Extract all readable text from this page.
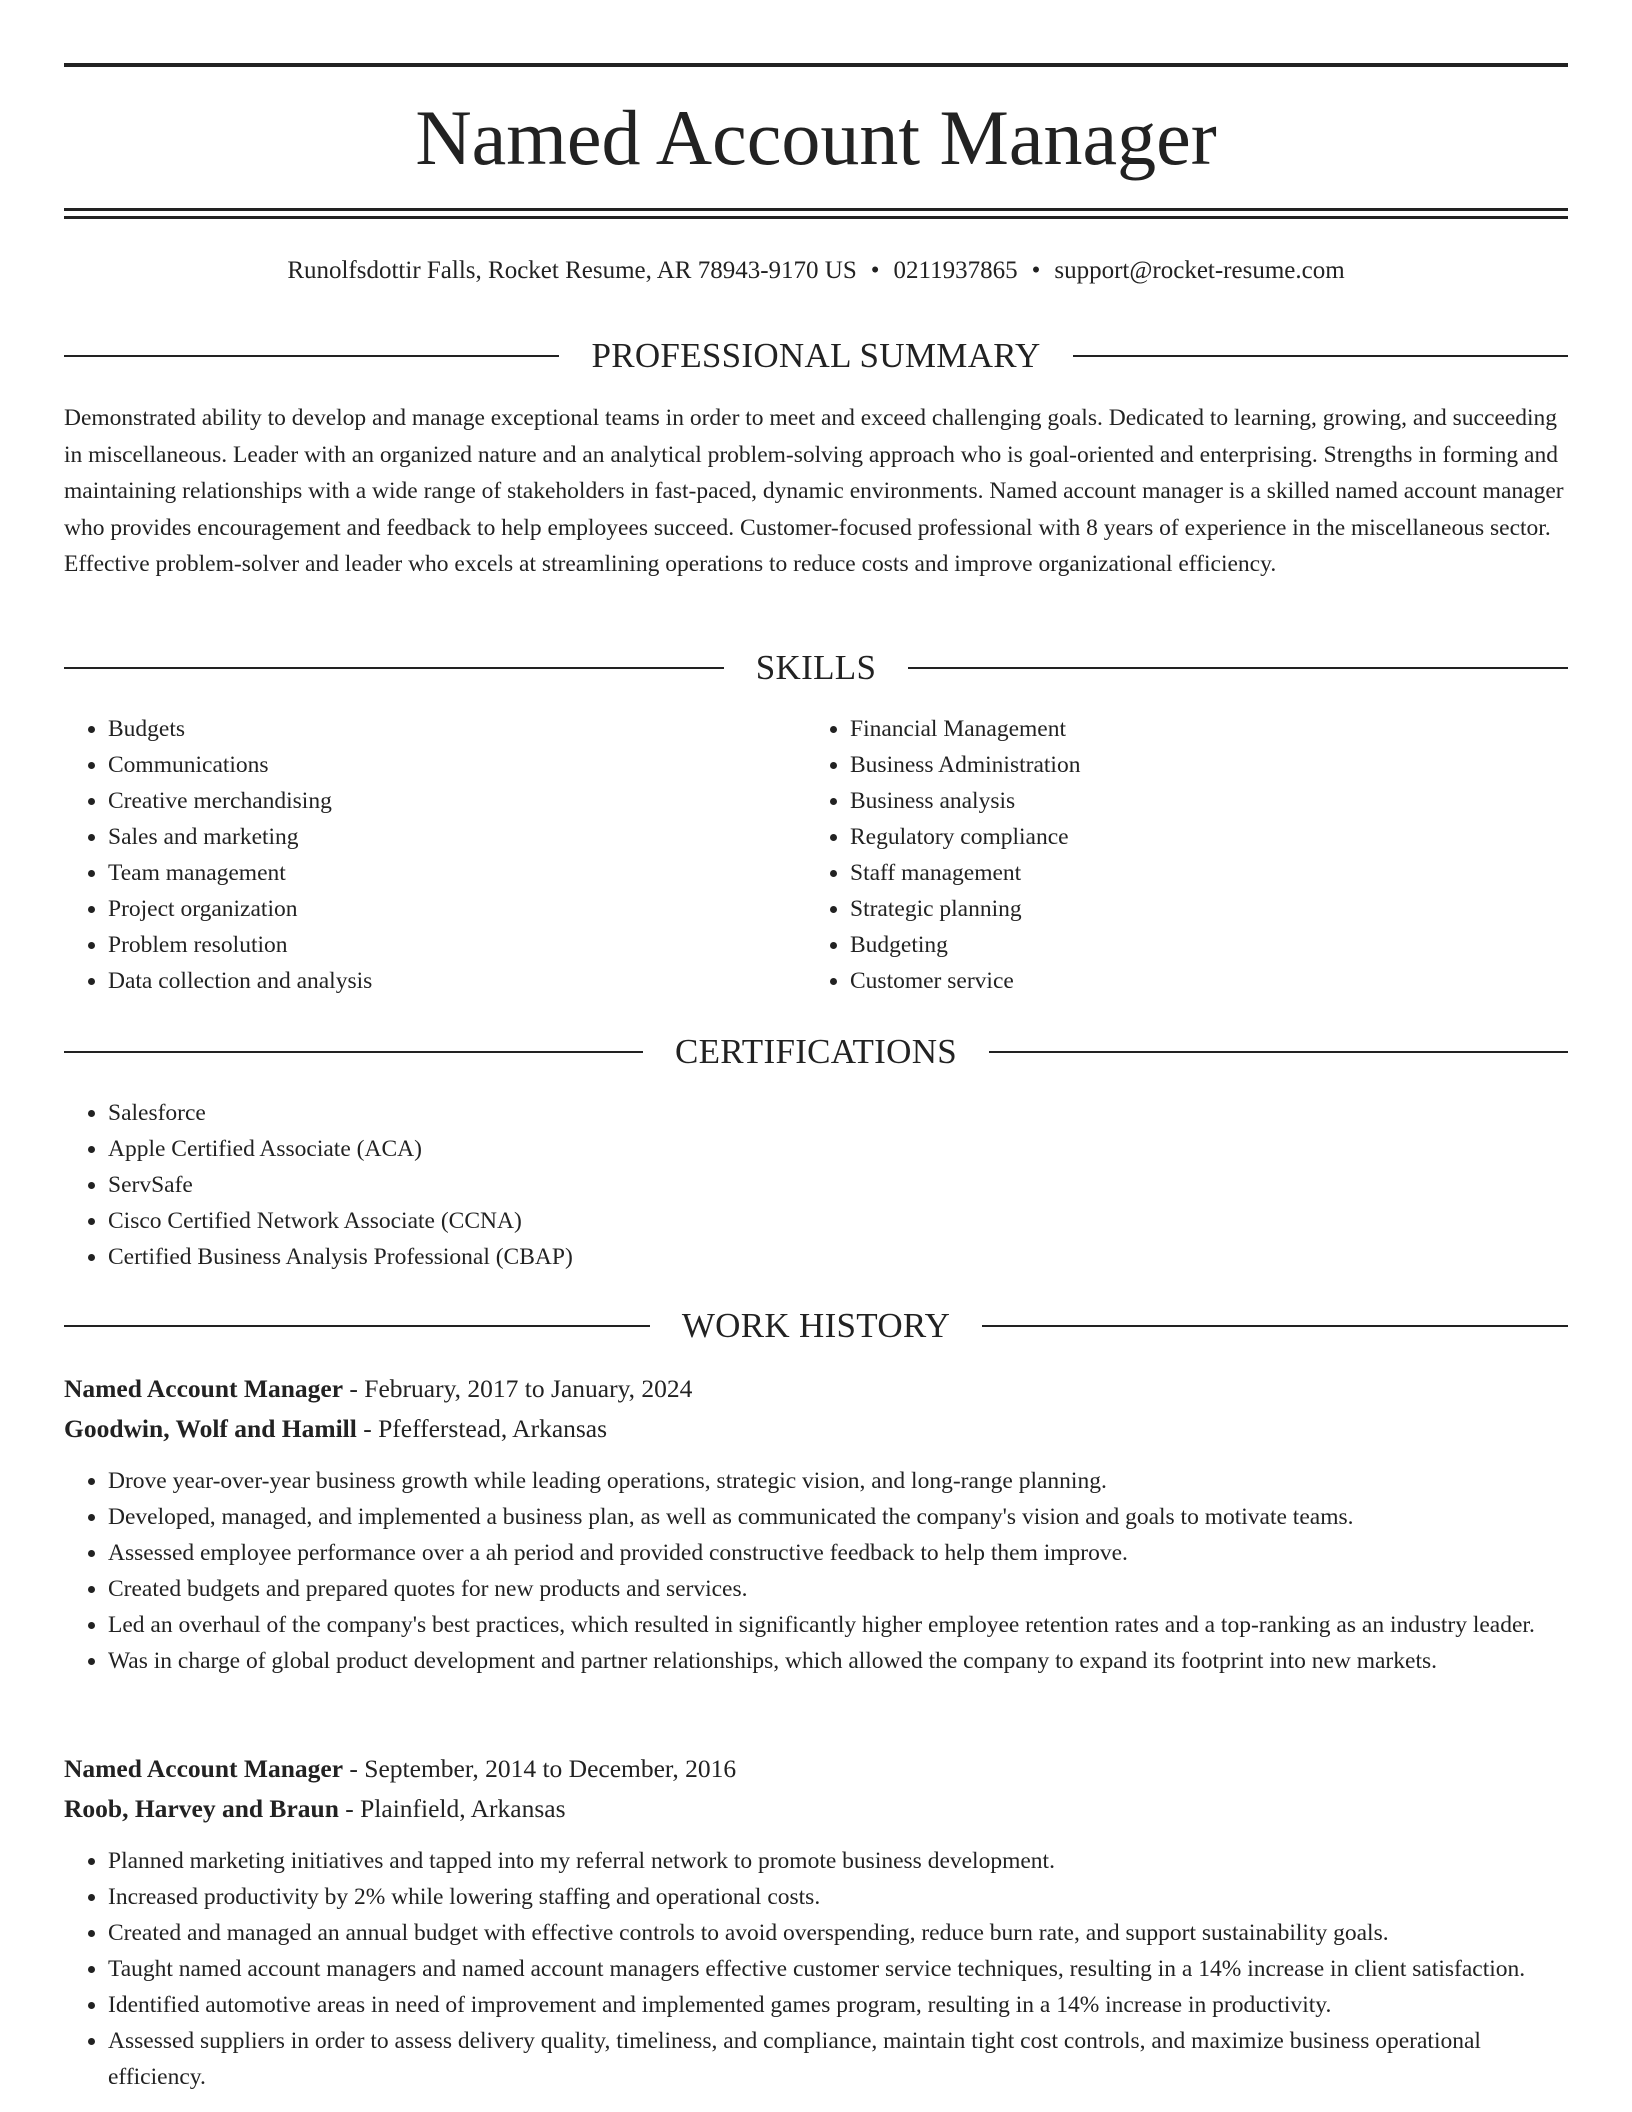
Named Account Manager
Runolfsdottir Falls, Rocket Resume, AR 78943-9170 US • 0211937865 • support@rocket-resume.com
PROFESSIONAL SUMMARY

Demonstrated ability to develop and manage exceptional teams in order to meet and exceed challenging goals. Dedicated to learning, growing, and succeeding in miscellaneous. Leader with an organized nature and an analytical problem-solving approach who is goal-oriented and enterprising. Strengths in forming and maintaining relationships with a wide range of stakeholders in fast-paced, dynamic environments. Named account manager is a skilled named account manager who provides encouragement and feedback to help employees succeed. Customer-focused professional with 8 years of experience in the miscellaneous sector. Effective problem-solver and leader who excels at streamlining operations to reduce costs and improve organizational efficiency.

SKILLS
• Budgets
• Communications
• Creative merchandising
• Sales and marketing
• Team management
• Project organization
• Problem resolution
• Data collection and analysis
• Financial Management
• Business Administration
• Business analysis
• Regulatory compliance
• Staff management
• Strategic planning
• Budgeting
• Customer service
CERTIFICATIONS
• Salesforce
• Apple Certified Associate (ACA)
• ServSafe
• Cisco Certified Network Associate (CCNA)
• Certified Business Analysis Professional (CBAP)
WORK HISTORY
Named Account Manager - February, 2017 to January, 2024
Goodwin, Wolf and Hamill - Pfefferstead, Arkansas
• Drove year-over-year business growth while leading operations, strategic vision, and long-range planning.
• Developed, managed, and implemented a business plan, as well as communicated the company's vision and goals to motivate teams.
• Assessed employee performance over a ah period and provided constructive feedback to help them improve.
• Created budgets and prepared quotes for new products and services.
• Led an overhaul of the company's best practices, which resulted in significantly higher employee retention rates and a top-ranking as an industry leader.
• Was in charge of global product development and partner relationships, which allowed the company to expand its footprint into new markets.
Named Account Manager - September, 2014 to December, 2016
Roob, Harvey and Braun - Plainfield, Arkansas
• Planned marketing initiatives and tapped into my referral network to promote business development.
• Increased productivity by 2% while lowering staffing and operational costs.
• Created and managed an annual budget with effective controls to avoid overspending, reduce burn rate, and support sustainability goals.
• Taught named account managers and named account managers effective customer service techniques, resulting in a 14% increase in client satisfaction.
• Identified automotive areas in need of improvement and implemented games program, resulting in a 14% increase in productivity.
• Assessed suppliers in order to assess delivery quality, timeliness, and compliance, maintain tight cost controls, and maximize business operational efficiency.
